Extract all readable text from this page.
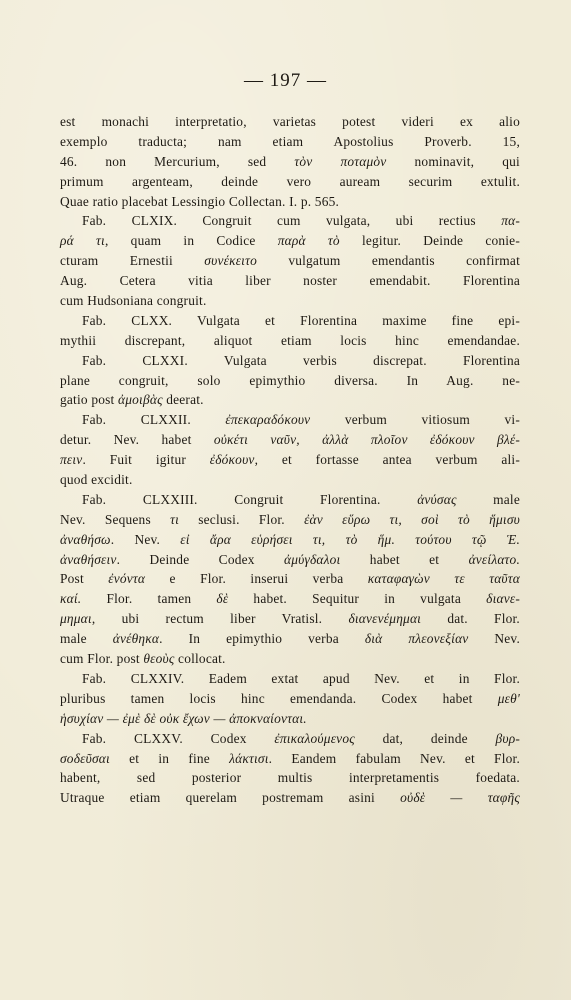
— 197 —
est monachi interpretatio, varietas potest videri ex alio
exemplo traducta; nam etiam Apostolius Proverb. 15,
46. non Mercurium, sed τὸν ποταμὸν nominavit, qui
primum argenteam, deinde vero auream securim extulit.
Quae ratio placebat Lessingio Collectan. I. p. 565.
Fab. CLXIX. Congruit cum vulgata, ubi rectius πα-
ρά τι, quam in Codice παρὰ τὸ legitur. Deinde conie-
cturam Ernestii συνέκειτο vulgatum emendantis confirmat
Aug. Cetera vitia liber noster emendabit. Florentina
cum Hudsoniana congruit.
Fab. CLXX. Vulgata et Florentina maxime fine epi-
mythii discrepant, aliquot etiam locis hinc emendandae.
Fab. CLXXI. Vulgata verbis discrepat. Florentina
plane congruit, solo epimythio diversa. In Aug. ne-
gatio post ἀμοιβὰς deerat.
Fab. CLXXII. ἐπεκαραδόκουν verbum vitiosum vi-
detur. Nev. habet οὐκέτι ναῦν, ἀλλὰ πλοῖον ἐδόκουν βλέ-
πειν. Fuit igitur ἐδόκουν, et fortasse antea verbum ali-
quod excidit.
Fab. CLXXIII. Congruit Florentina. ἀνύσας male
Nev. Sequens τι seclusi. Flor. ἐὰν εὕρω τι, σοὶ τὸ ἥμισυ
ἀναθήσω. Nev. εἰ ἄρα εὑρήσει τι, τὸ ἥμ. τούτου τῷ Ἑ.
ἀναθήσειν. Deinde Codex ἀμύγδαλοι habet et ἀνείλατο.
Post ἐνόντα e Flor. inserui verba καταφαγὼν τε ταῦτα
καί. Flor. tamen δὲ habet. Sequitur in vulgata διανε-
μημαι, ubi rectum liber Vratisl. διανενέμημαι dat. Flor.
male ἀνέθηκα. In epimythio verba διὰ πλεονεξίαν Nev.
cum Flor. post θεοὺς collocat.
Fab. CLXXIV. Eadem extat apud Nev. et in Flor.
pluribus tamen locis hinc emendanda. Codex habet μεθ'
ἡσυχίαν — ἐμὲ δὲ οὐκ ἔχων — ἀποκναίονται.
Fab. CLXXV. Codex ἐπικαλούμενος dat, deinde βυρ-
σοδεῦσαι et in fine λάκτισι. Eandem fabulam Nev. et Flor.
habent, sed posterior multis interpretamentis foedata.
Utraque etiam querelam postremam asini οὐδὲ — ταφῆς
